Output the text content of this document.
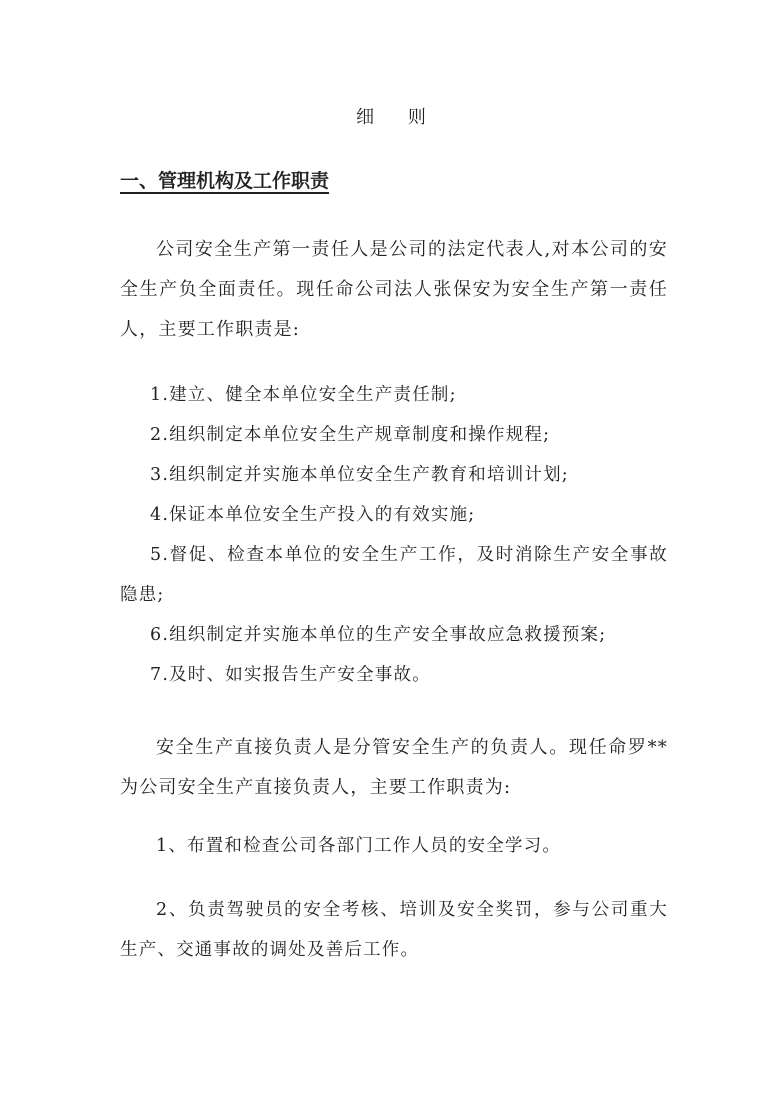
细 则
一、管理机构及工作职责
公司安全生产第一责任人是公司的法定代表人,对本公司的安全生产负全面责任。现任命公司法人张保安为安全生产第一责任人，主要工作职责是:
1.建立、健全本单位安全生产责任制;
2.组织制定本单位安全生产规章制度和操作规程;
3.组织制定并实施本单位安全生产教育和培训计划;
4.保证本单位安全生产投入的有效实施;
5.督促、检查本单位的安全生产工作，及时消除生产安全事故隐患;
6.组织制定并实施本单位的生产安全事故应急救援预案;
7.及时、如实报告生产安全事故。
安全生产直接负责人是分管安全生产的负责人。现任命罗**为公司安全生产直接负责人，主要工作职责为:
1、布置和检查公司各部门工作人员的安全学习。
2、负责驾驶员的安全考核、培训及安全奖罚，参与公司重大生产、交通事故的调处及善后工作。
